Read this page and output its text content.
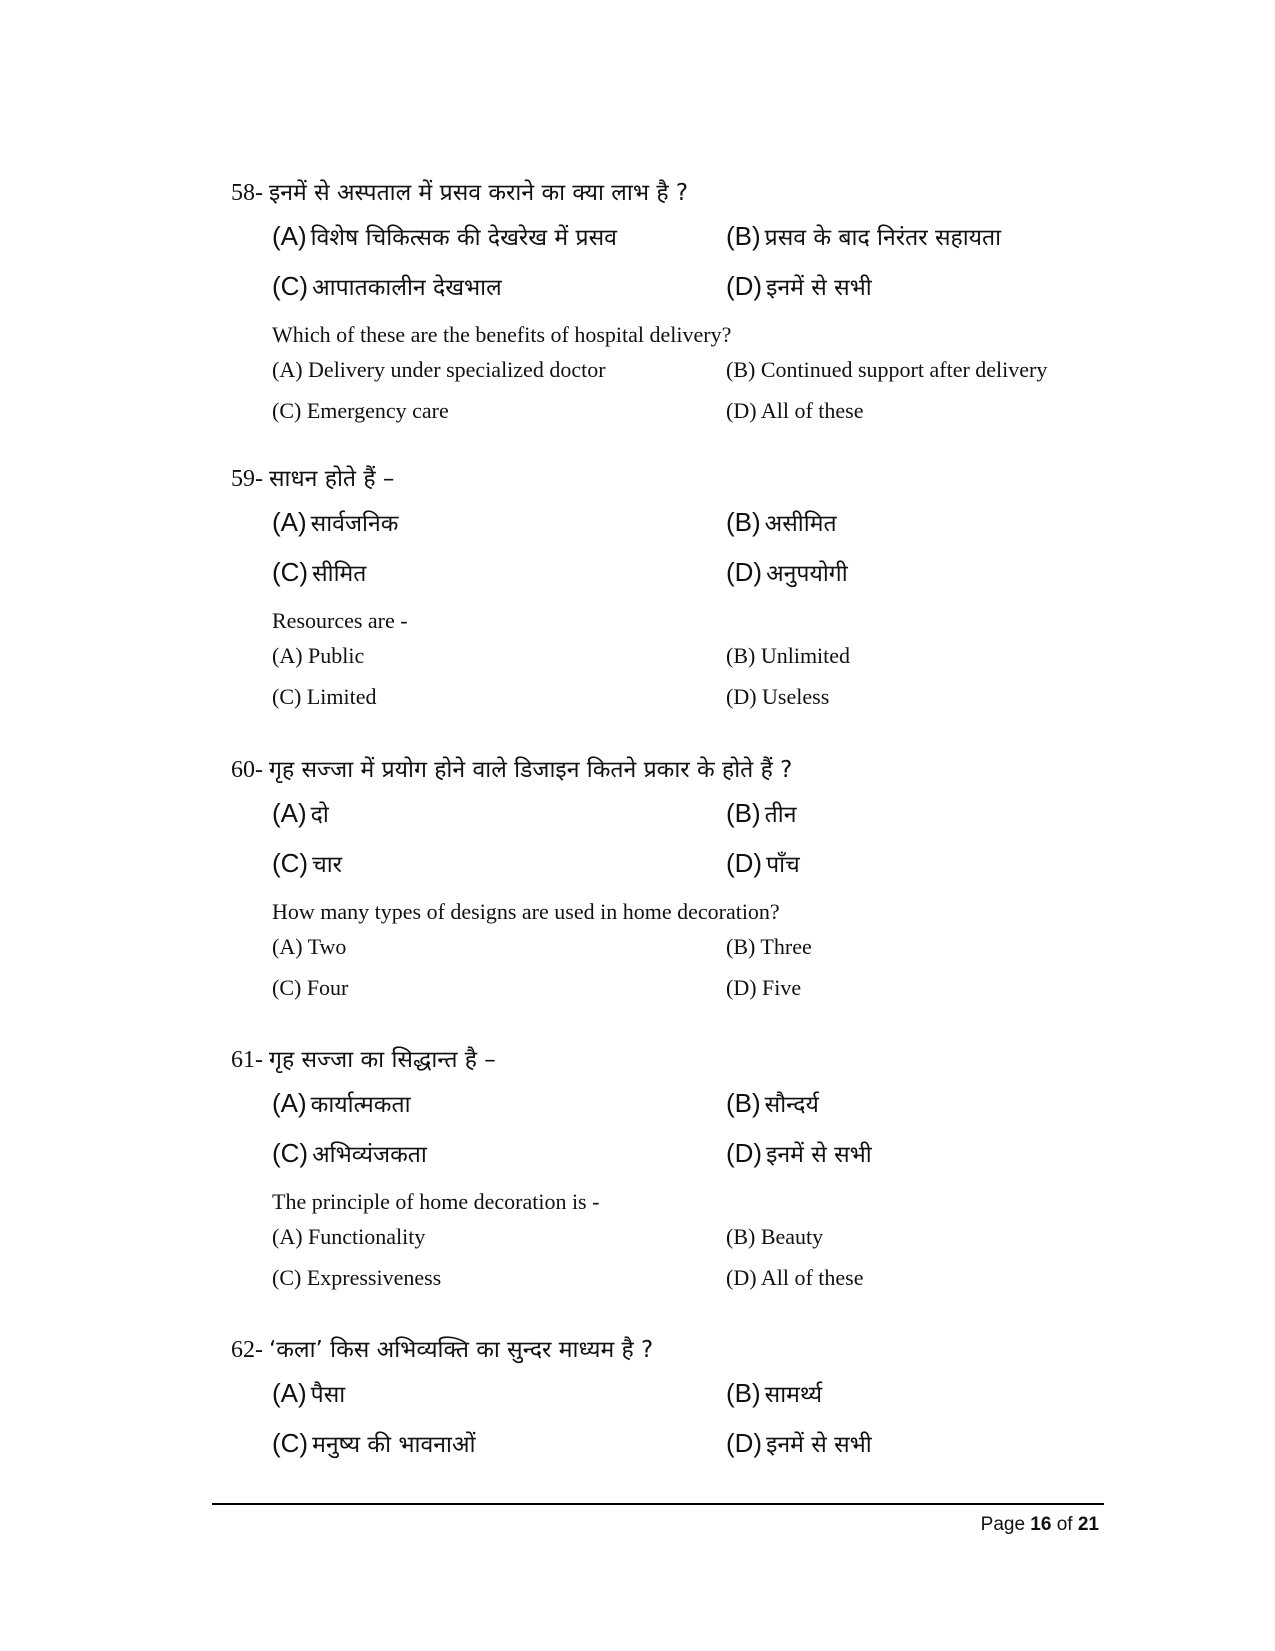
58- इनमें से अस्पताल में प्रसव कराने का क्या लाभ है ?
(A) विशेष चिकित्सक की देखरेख में प्रसव	(B) प्रसव के बाद निरंतर सहायता
(C) आपातकालीन देखभाल	(D) इनमें से सभी
Which of these are the benefits of hospital delivery?
(A) Delivery under specialized doctor	(B) Continued support after delivery
(C) Emergency care	(D) All of these
59- साधन होते हैं –
(A) सार्वजनिक	(B) असीमित
(C) सीमित	(D) अनुपयोगी
Resources are -
(A) Public	(B) Unlimited
(C) Limited	(D) Useless
60- गृह सज्जा में प्रयोग होने वाले डिजाइन कितने प्रकार के होते हैं ?
(A) दो	(B) तीन
(C) चार	(D) पाँच
How many types of designs are used in home decoration?
(A) Two	(B) Three
(C) Four	(D) Five
61- गृह सज्जा का सिद्धान्त है –
(A) कार्यात्मकता	(B) सौन्दर्य
(C) अभिव्यंजकता	(D) इनमें से सभी
The principle of home decoration is -
(A) Functionality	(B) Beauty
(C) Expressiveness	(D) All of these
62- ‘कला’ किस अभिव्यक्ति का सुन्दर माध्यम है ?
(A) पैसा	(B) सामर्थ्य
(C) मनुष्य की भावनाओं	(D) इनमें से सभी
Page 16 of 21
